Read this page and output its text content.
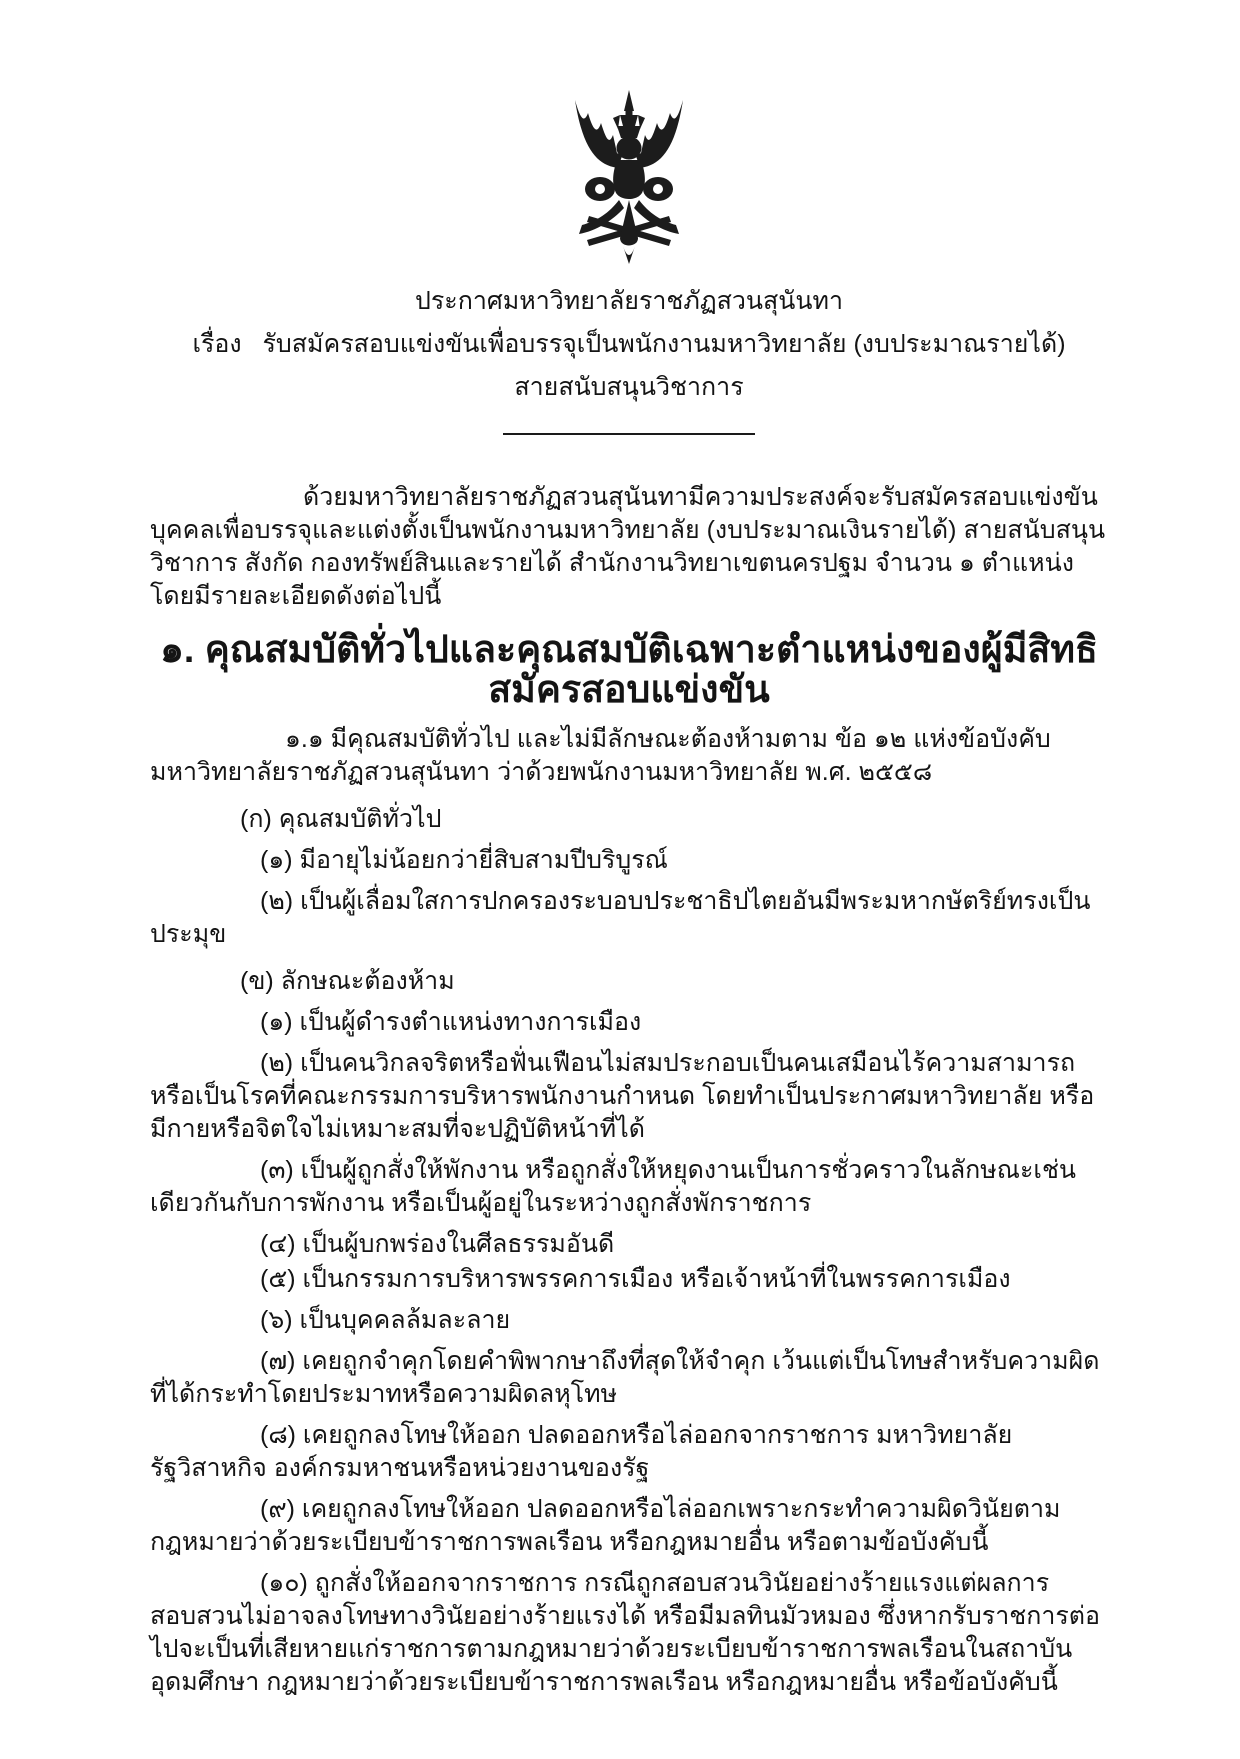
ประกาศมหาวิทยาลัยราชภัฏสวนสุนันทา
เรื่อง   รับสมัครสอบแข่งขันเพื่อบรรจุเป็นพนักงานมหาวิทยาลัย (งบประมาณรายได้)
สายสนับสนุนวิชาการ

ด้วยมหาวิทยาลัยราชภัฏสวนสุนันทามีความประสงค์จะรับสมัครสอบแข่งขันบุคคลเพื่อบรรจุและแต่งตั้งเป็นพนักงานมหาวิทยาลัย (งบประมาณเงินรายได้) สายสนับสนุนวิชาการ สังกัด กองทรัพย์สินและรายได้ สำนักงานวิทยาเขตนครปฐม จำนวน ๑ ตำแหน่ง โดยมีรายละเอียดดังต่อไปนี้

๑. คุณสมบัติทั่วไปและคุณสมบัติเฉพาะตำแหน่งของผู้มีสิทธิสมัครสอบแข่งขัน

๑.๑ มีคุณสมบัติทั่วไป และไม่มีลักษณะต้องห้ามตาม ข้อ ๑๒ แห่งข้อบังคับมหาวิทยาลัยราชภัฏสวนสุนันทา ว่าด้วยพนักงานมหาวิทยาลัย พ.ศ. ๒๕๕๘

(ก) คุณสมบัติทั่วไป

(๑) มีอายุไม่น้อยกว่ายี่สิบสามปีบริบูรณ์

(๒) เป็นผู้เลื่อมใสการปกครองระบอบประชาธิปไตยอันมีพระมหากษัตริย์ทรงเป็นประมุข

(ข) ลักษณะต้องห้าม

(๑) เป็นผู้ดำรงตำแหน่งทางการเมือง

(๒) เป็นคนวิกลจริตหรือฟั่นเฟือนไม่สมประกอบเป็นคนเสมือนไร้ความสามารถหรือเป็นโรคที่คณะกรรมการบริหารพนักงานกำหนด โดยทำเป็นประกาศมหาวิทยาลัย หรือมีกายหรือจิตใจไม่เหมาะสมที่จะปฏิบัติหน้าที่ได้

(๓) เป็นผู้ถูกสั่งให้พักงาน หรือถูกสั่งให้หยุดงานเป็นการชั่วคราวในลักษณะเช่นเดียวกันกับการพักงาน หรือเป็นผู้อยู่ในระหว่างถูกสั่งพักราชการ

(๔) เป็นผู้บกพร่องในศีลธรรมอันดี

(๕) เป็นกรรมการบริหารพรรคการเมือง หรือเจ้าหน้าที่ในพรรคการเมือง

(๖) เป็นบุคคลล้มละลาย

(๗) เคยถูกจำคุกโดยคำพิพากษาถึงที่สุดให้จำคุก เว้นแต่เป็นโทษสำหรับความผิดที่ได้กระทำโดยประมาทหรือความผิดลหุโทษ

(๘) เคยถูกลงโทษให้ออก ปลดออกหรือไล่ออกจากราชการ มหาวิทยาลัย รัฐวิสาหกิจ องค์กรมหาชนหรือหน่วยงานของรัฐ

(๙) เคยถูกลงโทษให้ออก ปลดออกหรือไล่ออกเพราะกระทำความผิดวินัยตามกฎหมายว่าด้วยระเบียบข้าราชการพลเรือน หรือกฎหมายอื่น หรือตามข้อบังคับนี้

(๑๐) ถูกสั่งให้ออกจากราชการ กรณีถูกสอบสวนวินัยอย่างร้ายแรงแต่ผลการสอบสวนไม่อาจลงโทษทางวินัยอย่างร้ายแรงได้ หรือมีมลทินมัวหมอง ซึ่งหากรับราชการต่อไปจะเป็นที่เสียหายแก่ราชการตามกฎหมายว่าด้วยระเบียบข้าราชการพลเรือนในสถาบันอุดมศึกษา กฎหมายว่าด้วยระเบียบข้าราชการพลเรือน หรือกฎหมายอื่น หรือข้อบังคับนี้
